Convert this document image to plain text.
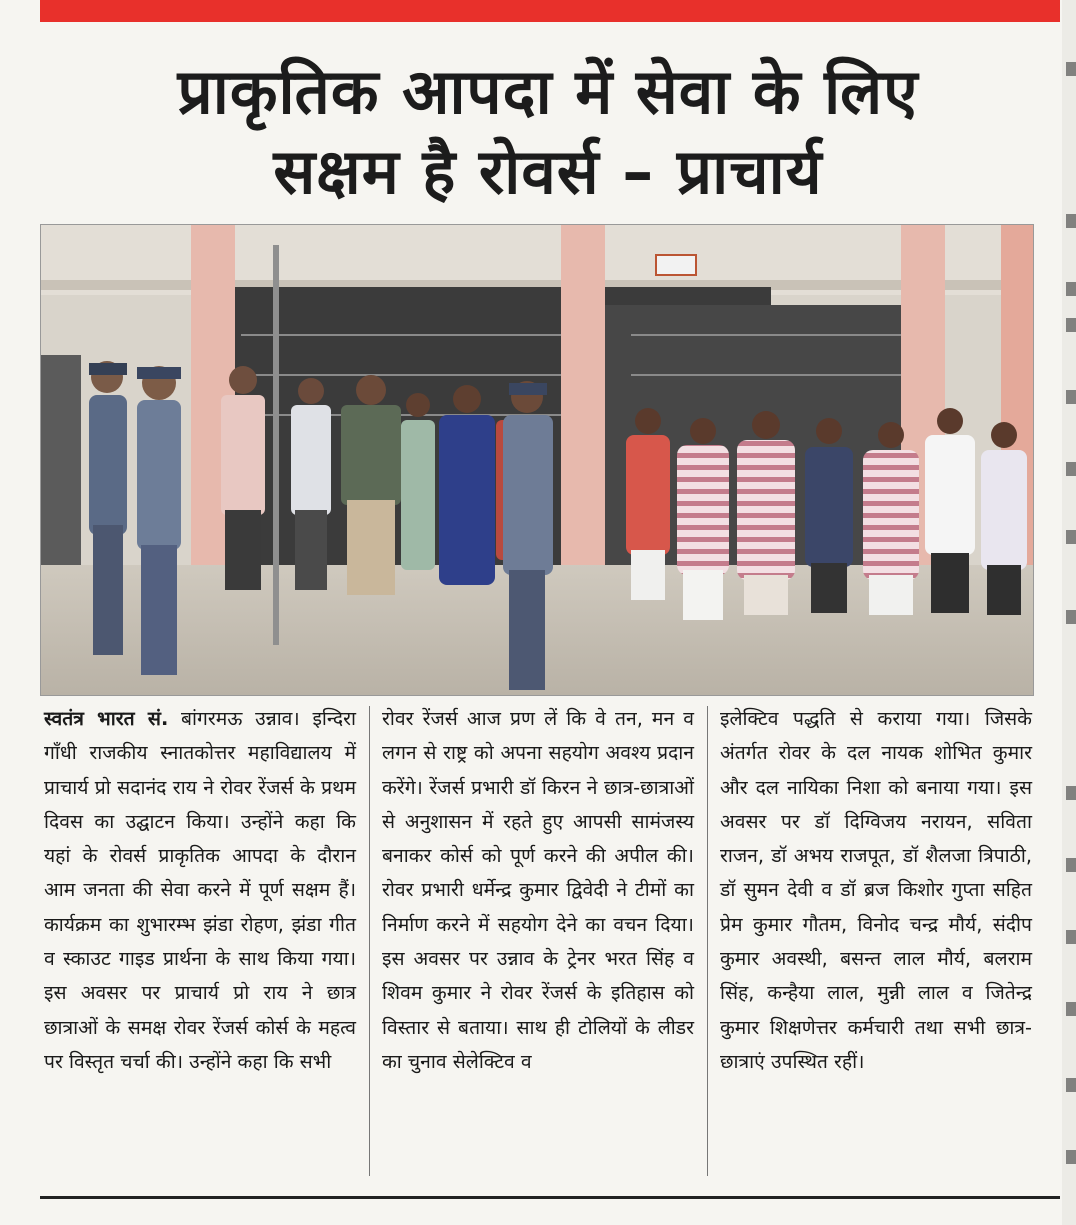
प्राकृतिक आपदा में सेवा के लिए
सक्षम है रोवर्स – प्राचार्य
स्वतंत्र भारत सं. बांगरमऊ उन्नाव। इन्दिरा गाँधी राजकीय स्नातकोत्तर महाविद्यालय में प्राचार्य प्रो सदानंद राय ने रोवर रेंजर्स के प्रथम दिवस का उद्घाटन किया। उन्होंने कहा कि यहां के रोवर्स प्राकृतिक आपदा के दौरान आम जनता की सेवा करने में पूर्ण सक्षम हैं। कार्यक्रम का शुभारम्भ झंडा रोहण, झंडा गीत व स्काउट गाइड प्रार्थना के साथ किया गया। इस अवसर पर प्राचार्य प्रो राय ने छात्र छात्राओं के समक्ष रोवर रेंजर्स कोर्स के महत्व पर विस्तृत चर्चा की। उन्होंने कहा कि सभी
रोवर रेंजर्स आज प्रण लें कि वे तन, मन व लगन से राष्ट्र को अपना सहयोग अवश्य प्रदान करेंगे। रेंजर्स प्रभारी डॉ किरन ने छात्र-छात्राओं से अनुशासन में रहते हुए आपसी सामंजस्य बनाकर कोर्स को पूर्ण करने की अपील की। रोवर प्रभारी धर्मेन्द्र कुमार द्विवेदी ने टीमों का निर्माण करने में सहयोग देने का वचन दिया। इस अवसर पर उन्नाव के ट्रेनर भरत सिंह व शिवम कुमार ने रोवर रेंजर्स के इतिहास को विस्तार से बताया। साथ ही टोलियों के लीडर का चुनाव सेलेक्टिव व
इलेक्टिव पद्धति से कराया गया। जिसके अंतर्गत रोवर के दल नायक शोभित कुमार और दल नायिका निशा को बनाया गया। इस अवसर पर डॉ दिग्विजय नरायन, सविता राजन, डॉ अभय राजपूत, डॉ शैलजा त्रिपाठी, डॉ सुमन देवी व डॉ ब्रज किशोर गुप्ता सहित प्रेम कुमार गौतम, विनोद चन्द्र मौर्य, संदीप कुमार अवस्थी, बसन्त लाल मौर्य, बलराम सिंह, कन्हैया लाल, मुन्नी लाल व जितेन्द्र कुमार शिक्षणेत्तर कर्मचारी तथा सभी छात्र-छात्राएं उपस्थित रहीं।
